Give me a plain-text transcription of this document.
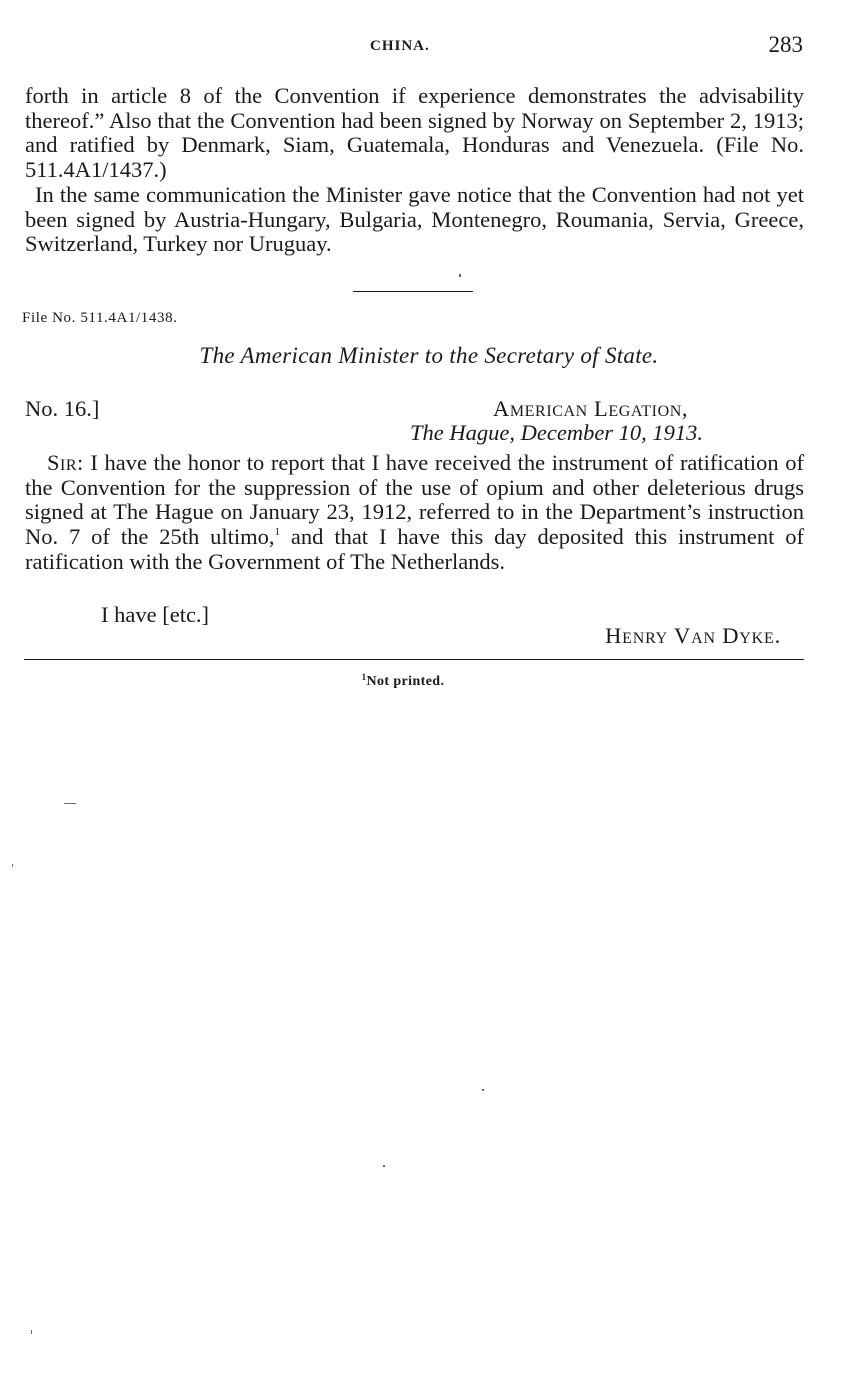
CHINA.	283

forth in article 8 of the Convention if experience demonstrates the advisability thereof.” Also that the Convention had been signed by Norway on September 2, 1913; and ratified by Denmark, Siam, Guatemala, Honduras and Venezuela. (File No. 511.4A1/1437.)

In the same communication the Minister gave notice that the Convention had not yet been signed by Austria-Hungary, Bulgaria, Montenegro, Roumania, Servia, Greece, Switzerland, Turkey nor Uruguay.

File No. 511.4A1/1438.
The American Minister to the Secretary of State.
No. 16.]	American Legation,
The Hague, December 10, 1913.

Sir: I have the honor to report that I have received the instrument of ratification of the Convention for the suppression of the use of opium and other deleterious drugs signed at The Hague on January 23, 1912, referred to in the Department’s instruction No. 7 of the 25th ultimo,$^1$ and that I have this day deposited this instrument of ratification with the Government of The Netherlands.

I have [etc.]
Henry Van Dyke.
$^1$Not printed.
